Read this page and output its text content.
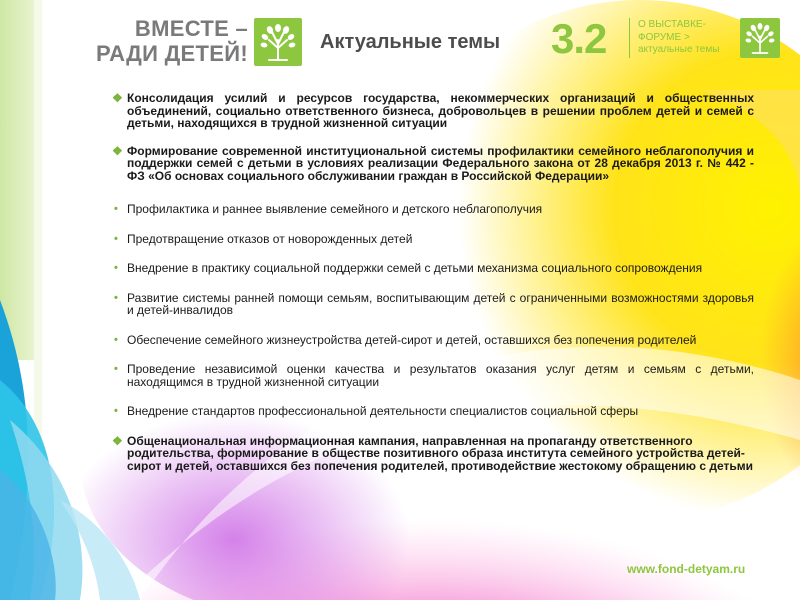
ВМЕСТЕ –
РАДИ ДЕТЕЙ!	Актуальные темы 3.2	О ВЫСТАВКЕ-
ФОРУМЕ >
актуальные темы
❖ Консолидация усилий и ресурсов государства, некоммерческих организаций и общественных объединений, социально ответственного бизнеса, добровольцев в решении проблем детей и семей с детьми, находящихся в трудной жизненной ситуации
❖ Формирование современной институциональной системы профилактики семейного неблагополучия и поддержки семей с детьми в условиях реализации Федерального закона от 28 декабря 2013 г. № 442 - ФЗ «Об основах социального обслуживании граждан в Российской Федерации»
• Профилактика и раннее выявление семейного и детского неблагополучия
• Предотвращение отказов от новорожденных детей
• Внедрение в практику социальной поддержки семей с детьми механизма социального сопровождения
• Развитие системы ранней помощи семьям, воспитывающим детей с ограниченными возможностями здоровья и детей-инвалидов
• Обеспечение семейного жизнеустройства детей-сирот и детей, оставшихся без попечения родителей
• Проведение независимой оценки качества и результатов оказания услуг детям и семьям с детьми, находящимся в трудной жизненной ситуации
• Внедрение стандартов профессиональной деятельности специалистов социальной сферы
❖ Общенациональная информационная кампания, направленная на пропаганду ответственного родительства, формирование в обществе позитивного образа института семейного устройства детей-сирот и детей, оставшихся без попечения родителей, противодействие жестокому обращению с детьми
www.fond-detyam.ru
